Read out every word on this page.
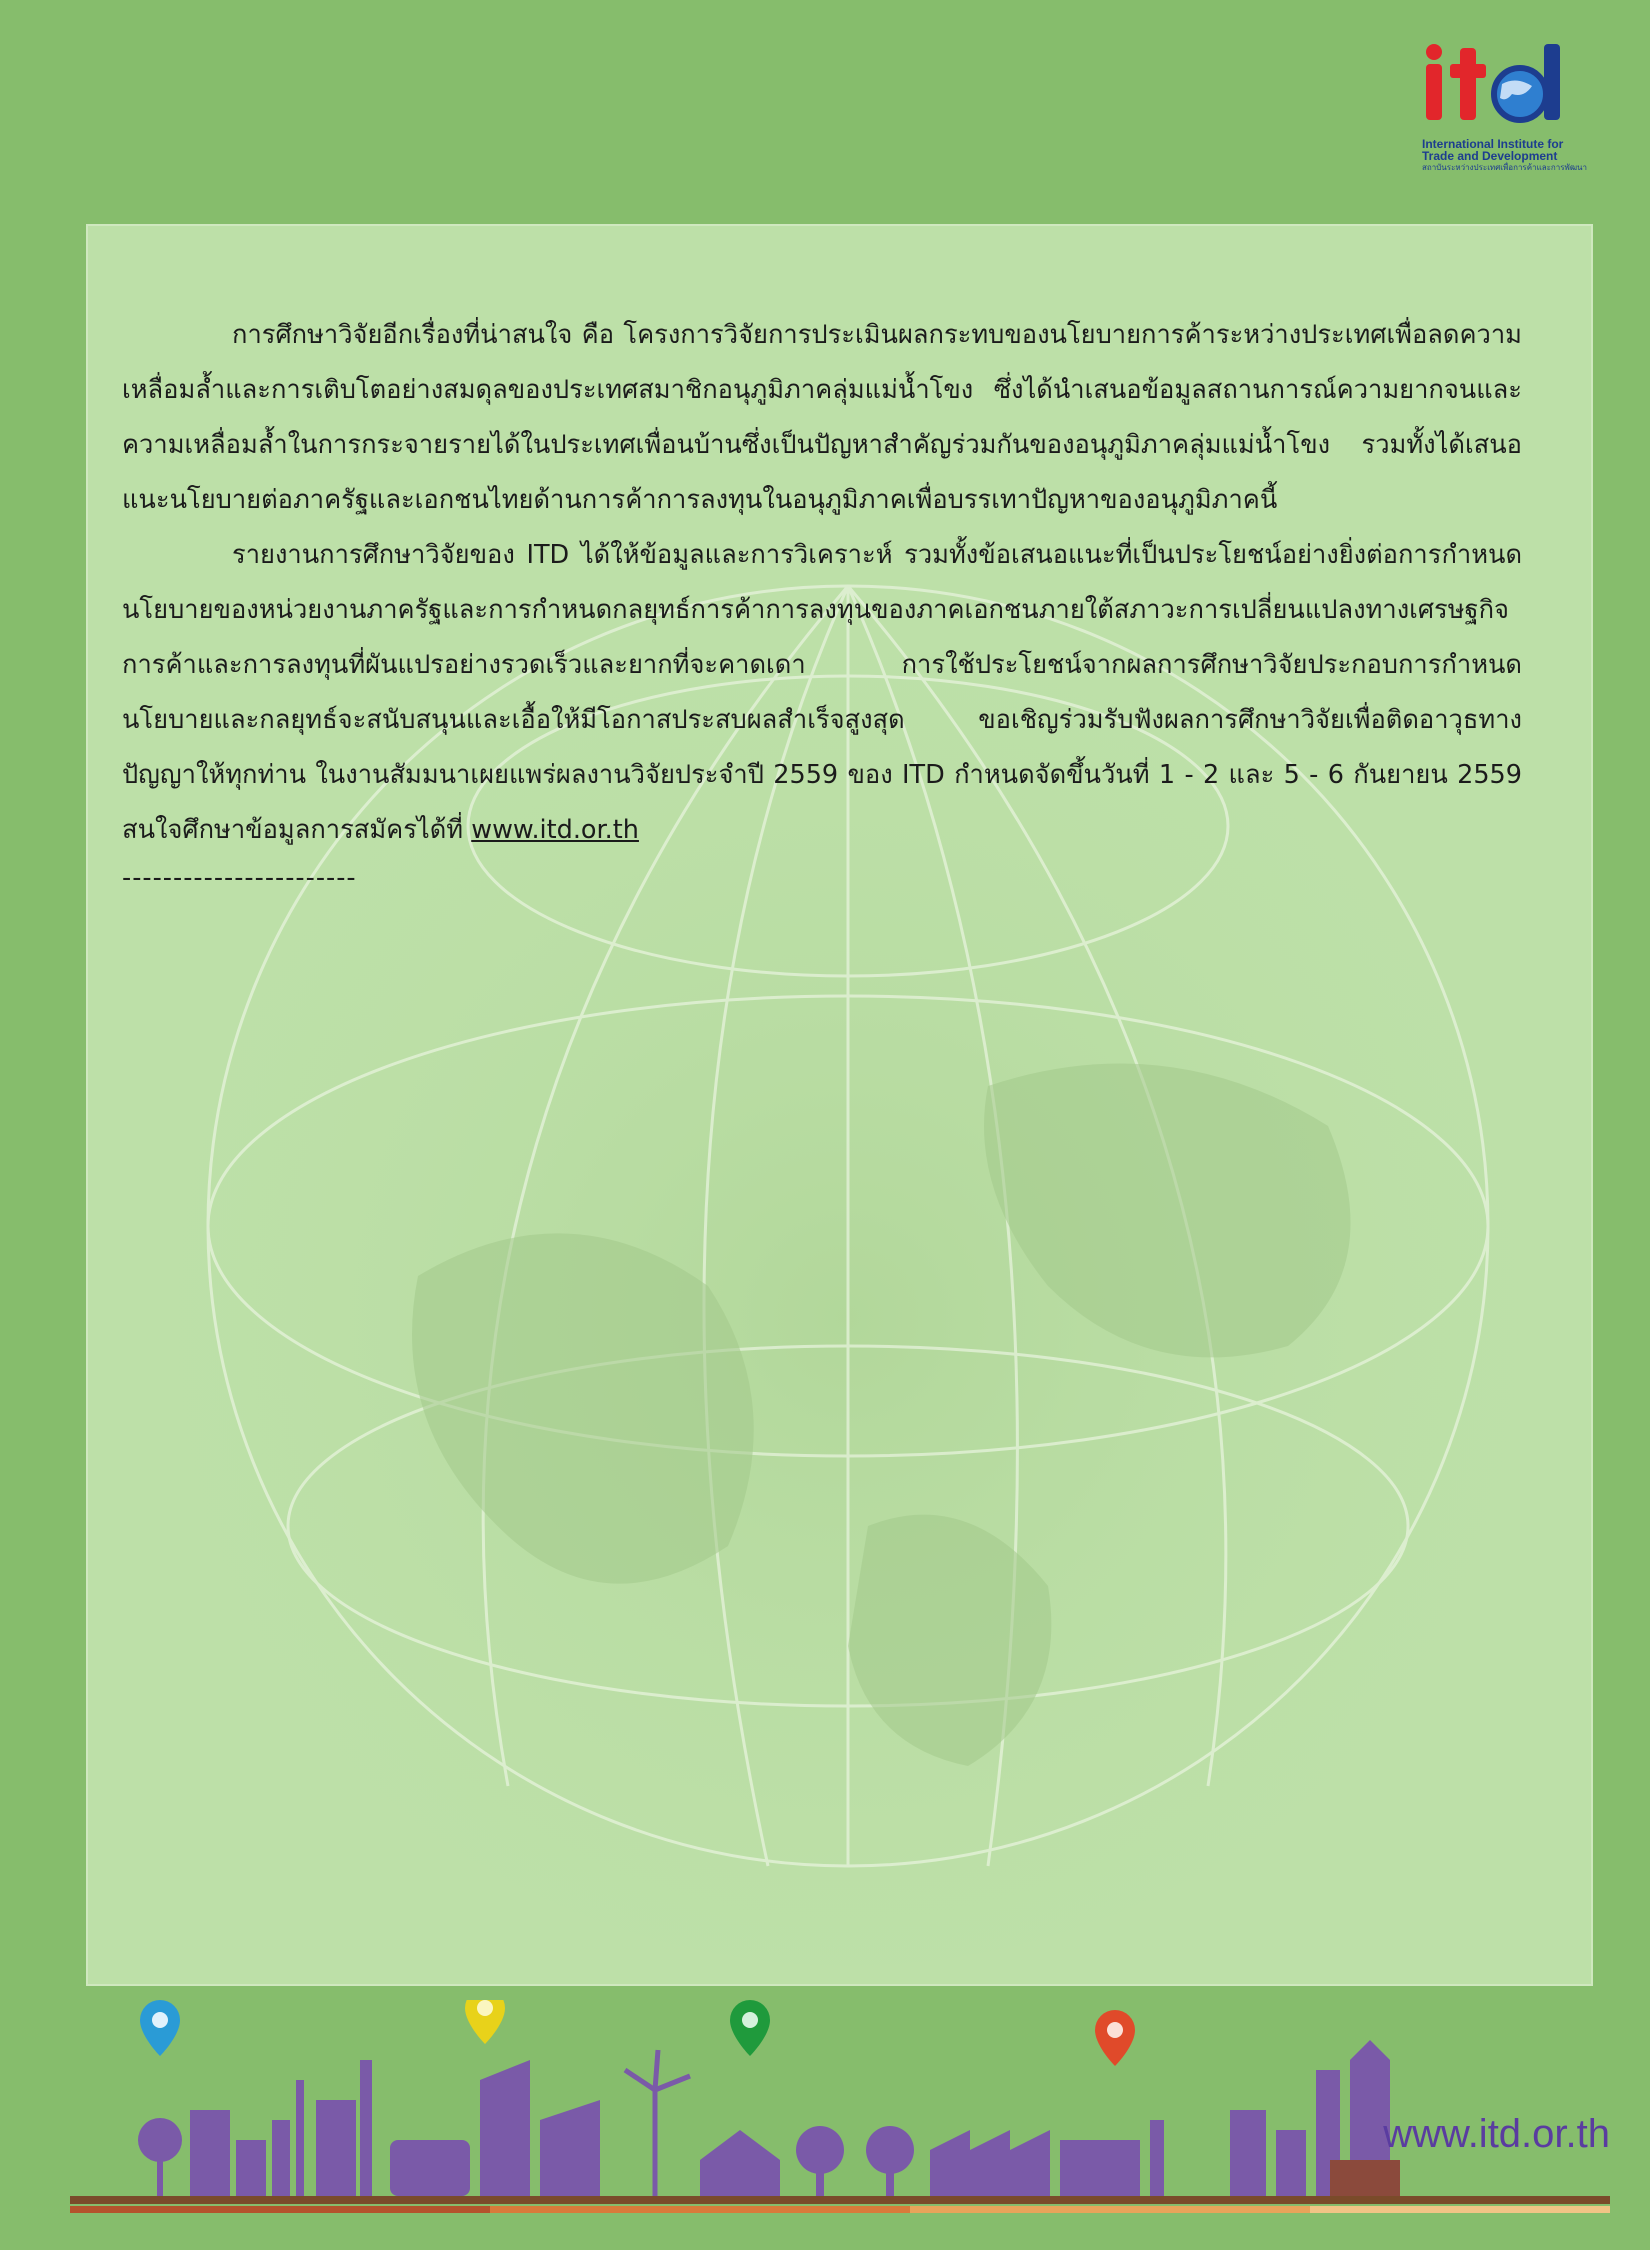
International Institute for
Trade and Development
สถาบันระหว่างประเทศเพื่อการค้าและการพัฒนา

การศึกษาวิจัยอีกเรื่องที่น่าสนใจ คือ โครงการวิจัยการประเมินผลกระทบของนโยบายการค้าระหว่างประเทศเพื่อลดความเหลื่อมล้ำและการเติบโตอย่างสมดุลของประเทศสมาชิกอนุภูมิภาคลุ่มแม่น้ำโขง ซึ่งได้นำเสนอข้อมูลสถานการณ์ความยากจนและความเหลื่อมล้ำในการกระจายรายได้ในประเทศเพื่อนบ้านซึ่งเป็นปัญหาสำคัญร่วมกันของอนุภูมิภาคลุ่มแม่น้ำโขง รวมทั้งได้เสนอแนะนโยบายต่อภาครัฐและเอกชนไทยด้านการค้าการลงทุนในอนุภูมิภาคเพื่อบรรเทาปัญหาของอนุภูมิภาคนี้

รายงานการศึกษาวิจัยของ ITD ได้ให้ข้อมูลและการวิเคราะห์ รวมทั้งข้อเสนอแนะที่เป็นประโยชน์อย่างยิ่งต่อการกำหนดนโยบายของหน่วยงานภาครัฐและการกำหนดกลยุทธ์การค้าการลงทุนของภาคเอกชนภายใต้สภาวะการเปลี่ยนแปลงทางเศรษฐกิจ การค้าและการลงทุนที่ผันแปรอย่างรวดเร็วและยากที่จะคาดเดา การใช้ประโยชน์จากผลการศึกษาวิจัยประกอบการกำหนดนโยบายและกลยุทธ์จะสนับสนุนและเอื้อให้มีโอกาสประสบผลสำเร็จสูงสุด ขอเชิญร่วมรับฟังผลการศึกษาวิจัยเพื่อติดอาวุธทางปัญญาให้ทุกท่าน ในงานสัมมนาเผยแพร่ผลงานวิจัยประจำปี 2559 ของ ITD กำหนดจัดขึ้นวันที่ 1 - 2 และ 5 - 6 กันยายน 2559 สนใจศึกษาข้อมูลการสมัครได้ที่ www.itd.or.th

-----------------------

www.itd.or.th
